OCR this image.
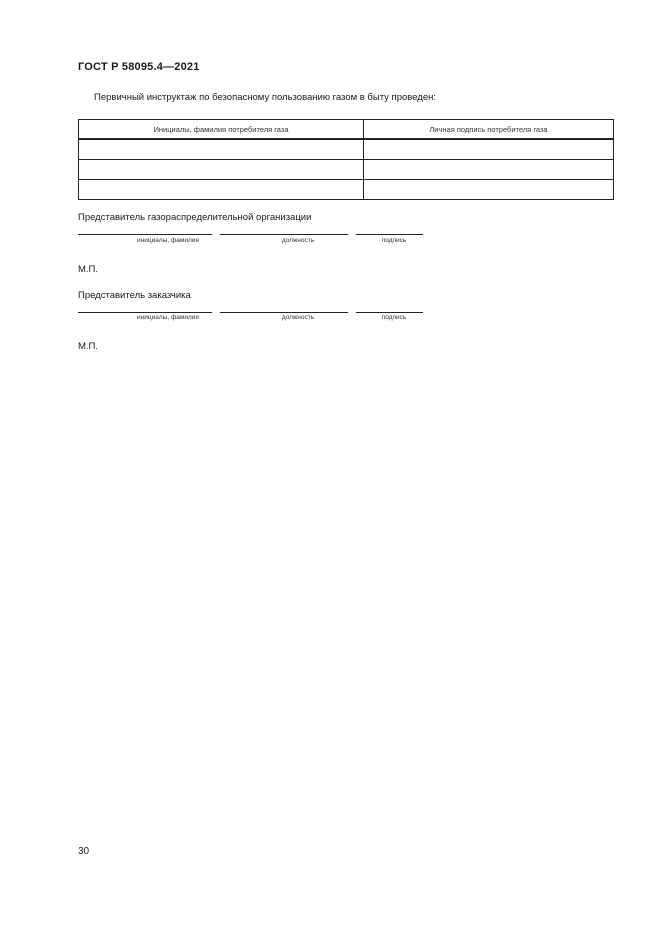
ГОСТ Р 58095.4—2021
Первичный инструктаж по безопасному пользованию газом в быту проведен:
Инициалы, фамилия потребителя газа	Личная подпись потребителя газа

Представитель газораспределительной организации
инициалы, фамилия	должность	подпись
М.П.
Представитель заказчика
инициалы, фамилия	должность	подпись
М.П.
30
